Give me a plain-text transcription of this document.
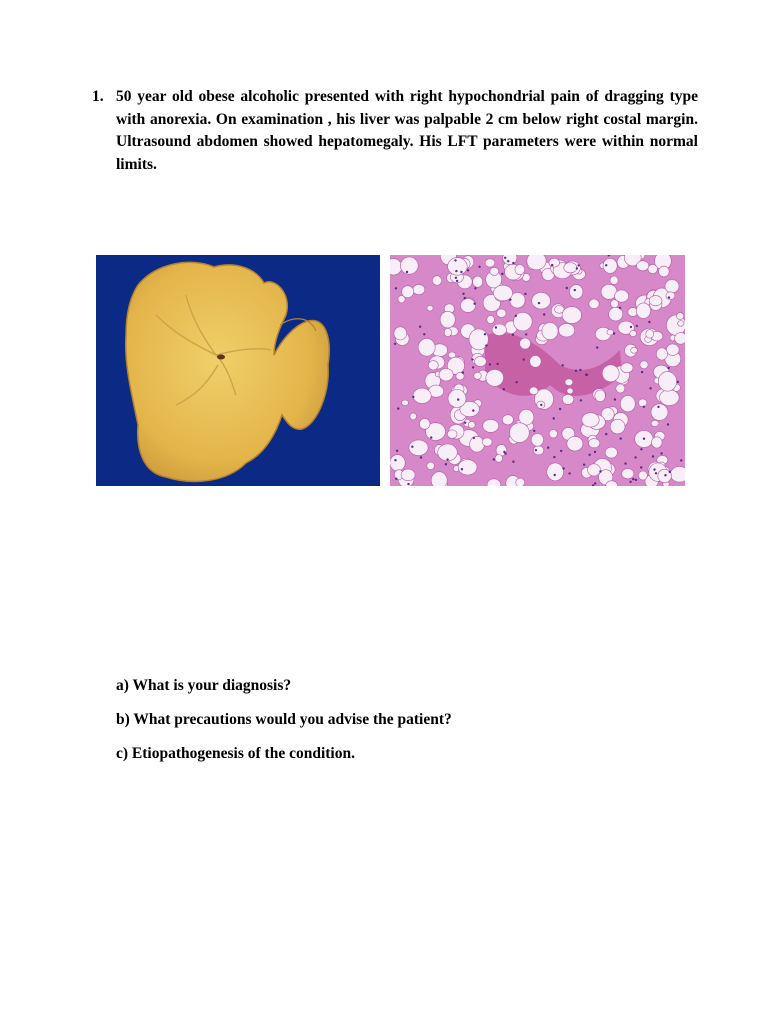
1. 50 year old obese alcoholic presented with right hypochondrial pain of dragging type with anorexia. On examination , his liver was palpable 2 cm below right costal margin. Ultrasound abdomen showed hepatomegaly. His LFT parameters were within normal limits.
a) What is your diagnosis?
b) What precautions would you advise the patient?
c) Etiopathogenesis of the condition.
